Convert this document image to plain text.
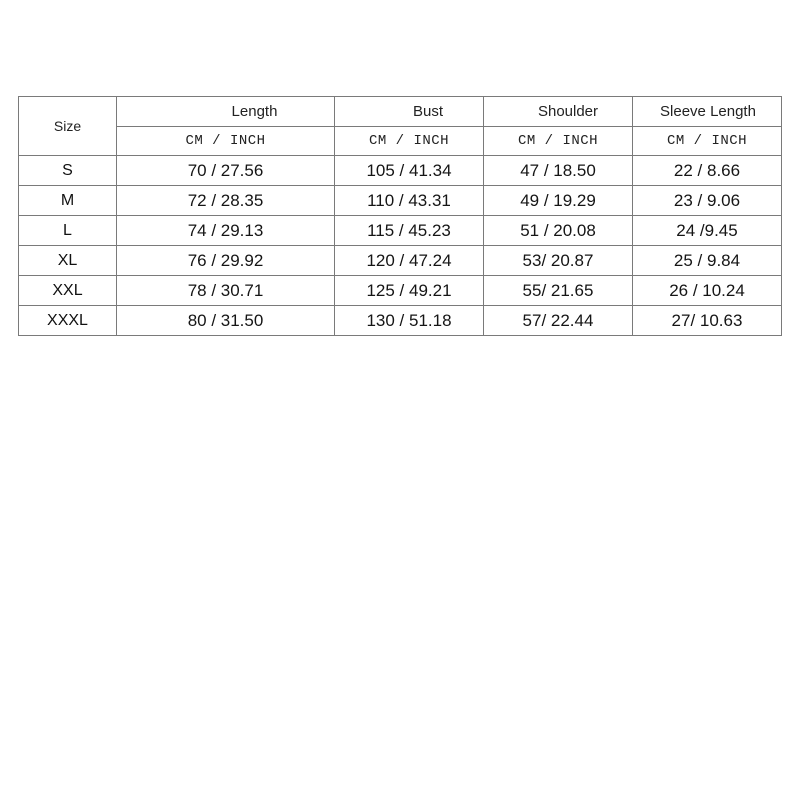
Size	Length	Bust	Shoulder	Sleeve Length
	CM / INCH	CM / INCH	CM / INCH	CM / INCH
S	70 / 27.56	105 / 41.34	47 / 18.50	22 / 8.66
M	72 / 28.35	110 / 43.31	49 / 19.29	23 / 9.06
L	74 / 29.13	115 / 45.23	51 / 20.08	24 /9.45
XL	76 / 29.92	120 / 47.24	53/ 20.87	25 / 9.84
XXL	78 / 30.71	125 / 49.21	55/ 21.65	26 / 10.24
XXXL	80 / 31.50	130 / 51.18	57/ 22.44	27/ 10.63
